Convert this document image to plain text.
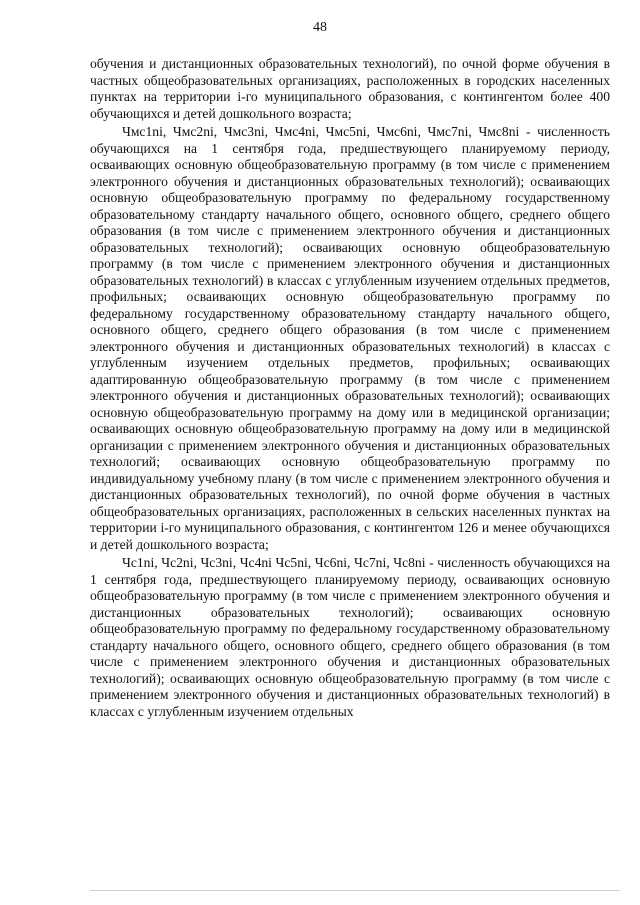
48

обучения и дистанционных образовательных технологий), по очной форме обучения в частных общеобразовательных организациях, расположенных в городских населенных пунктах на территории i-го муниципального образования, с контингентом более 400 обучающихся и детей дошкольного возраста;

Чмс1ni, Чмс2ni, Чмс3ni, Чмс4ni, Чмс5ni, Чмс6ni, Чмс7ni, Чмс8ni - численность обучающихся на 1 сентября года, предшествующего планируемому периоду, осваивающих основную общеобразовательную программу (в том числе с применением электронного обучения и дистанционных образовательных технологий); осваивающих основную общеобразовательную программу по федеральному государственному образовательному стандарту начального общего, основного общего, среднего общего образования (в том числе с применением электронного обучения и дистанционных образовательных технологий); осваивающих основную общеобразовательную программу (в том числе с применением электронного обучения и дистанционных образовательных технологий) в классах с углубленным изучением отдельных предметов, профильных; осваивающих основную общеобразовательную программу по федеральному государственному образовательному стандарту начального общего, основного общего, среднего общего образования (в том числе с применением электронного обучения и дистанционных образовательных технологий) в классах с углубленным изучением отдельных предметов, профильных; осваивающих адаптированную общеобразовательную программу (в том числе с применением электронного обучения и дистанционных образовательных технологий); осваивающих основную общеобразовательную программу на дому или в медицинской организации; осваивающих основную общеобразовательную программу на дому или в медицинской организации с применением электронного обучения и дистанционных образовательных технологий; осваивающих основную общеобразовательную программу по индивидуальному учебному плану (в том числе с применением электронного обучения и дистанционных образовательных технологий), по очной форме обучения в частных общеобразовательных организациях, расположенных в сельских населенных пунктах на территории i-го муниципального образования, с контингентом 126 и менее обучающихся и детей дошкольного возраста;

Чс1ni, Чс2ni, Чс3ni, Чс4ni Чс5ni, Чс6ni, Чс7ni, Чс8ni - численность обучающихся на 1 сентября года, предшествующего планируемому периоду, осваивающих основную общеобразовательную программу (в том числе с применением электронного обучения и дистанционных образовательных технологий); осваивающих основную общеобразовательную программу по федеральному государственному образовательному стандарту начального общего, основного общего, среднего общего образования (в том числе с применением электронного обучения и дистанционных образовательных технологий); осваивающих основную общеобразовательную программу (в том числе с применением электронного обучения и дистанционных образовательных технологий) в классах с углубленным изучением отдельных
